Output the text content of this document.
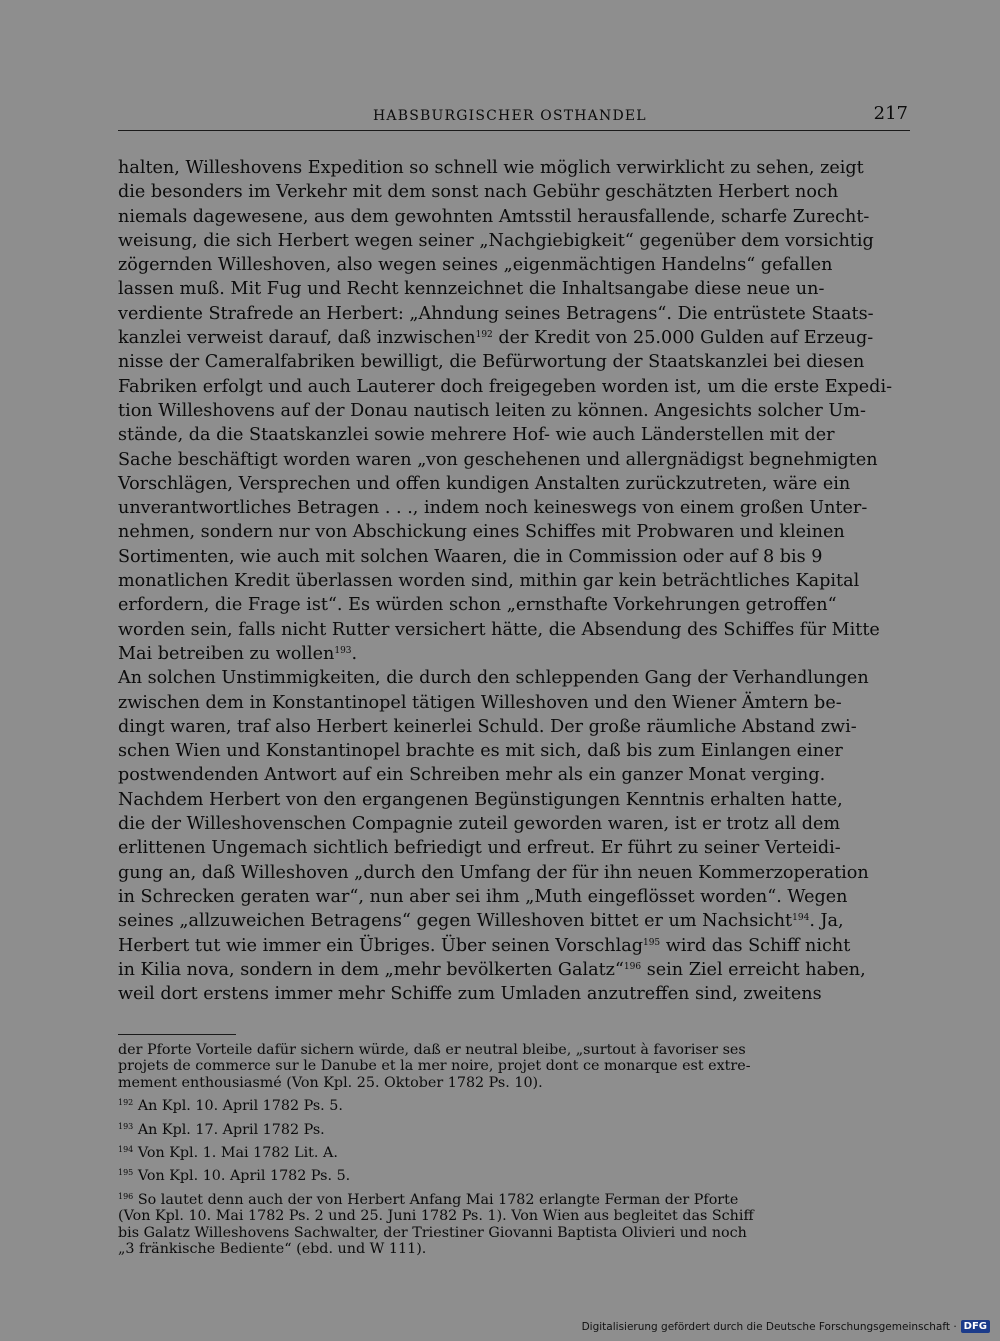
HABSBURGISCHER OSTHANDEL	217
halten, Willeshovens Expedition so schnell wie möglich verwirklicht zu sehen, zeigt
die besonders im Verkehr mit dem sonst nach Gebühr geschätzten Herbert noch
niemals dagewesene, aus dem gewohnten Amtsstil herausfallende, scharfe Zurecht-
weisung, die sich Herbert wegen seiner „Nachgiebigkeit“ gegenüber dem vorsichtig
zögernden Willeshoven, also wegen seines „eigenmächtigen Handelns“ gefallen
lassen muß. Mit Fug und Recht kennzeichnet die Inhaltsangabe diese neue un-
verdiente Strafrede an Herbert: „Ahndung seines Betragens“. Die entrüstete Staats-
kanzlei verweist darauf, daß inzwischen$^{192}$ der Kredit von 25.000 Gulden auf Erzeug-
nisse der Cameralfabriken bewilligt, die Befürwortung der Staatskanzlei bei diesen
Fabriken erfolgt und auch Lauterer doch freigegeben worden ist, um die erste Expedi-
tion Willeshovens auf der Donau nautisch leiten zu können. Angesichts solcher Um-
stände, da die Staatskanzlei sowie mehrere Hof- wie auch Länderstellen mit der
Sache beschäftigt worden waren „von geschehenen und allergnädigst begnehmigten
Vorschlägen, Versprechen und offen kundigen Anstalten zurückzutreten, wäre ein
unverantwortliches Betragen . . ., indem noch keineswegs von einem großen Unter-
nehmen, sondern nur von Abschickung eines Schiffes mit Probwaren und kleinen
Sortimenten, wie auch mit solchen Waaren, die in Commission oder auf 8 bis 9
monatlichen Kredit überlassen worden sind, mithin gar kein beträchtliches Kapital
erfordern, die Frage ist“. Es würden schon „ernsthafte Vorkehrungen getroffen“
worden sein, falls nicht Rutter versichert hätte, die Absendung des Schiffes für Mitte
Mai betreiben zu wollen$^{193}$.
An solchen Unstimmigkeiten, die durch den schleppenden Gang der Verhandlungen
zwischen dem in Konstantinopel tätigen Willeshoven und den Wiener Ämtern be-
dingt waren, traf also Herbert keinerlei Schuld. Der große räumliche Abstand zwi-
schen Wien und Konstantinopel brachte es mit sich, daß bis zum Einlangen einer
postwendenden Antwort auf ein Schreiben mehr als ein ganzer Monat verging.
Nachdem Herbert von den ergangenen Begünstigungen Kenntnis erhalten hatte,
die der Willeshovenschen Compagnie zuteil geworden waren, ist er trotz all dem
erlittenen Ungemach sichtlich befriedigt und erfreut. Er führt zu seiner Verteidi-
gung an, daß Willeshoven „durch den Umfang der für ihn neuen Kommerzoperation
in Schrecken geraten war“, nun aber sei ihm „Muth eingeflösset worden“. Wegen
seines „allzuweichen Betragens“ gegen Willeshoven bittet er um Nachsicht$^{194}$. Ja,
Herbert tut wie immer ein Übriges. Über seinen Vorschlag$^{195}$ wird das Schiff nicht
in Kilia nova, sondern in dem „mehr bevölkerten Galatz“$^{196}$ sein Ziel erreicht haben,
weil dort erstens immer mehr Schiffe zum Umladen anzutreffen sind, zweitens
der Pforte Vorteile dafür sichern würde, daß er neutral bleibe, „surtout à favoriser ses
projets de commerce sur le Danube et la mer noire, projet dont ce monarque est extre-
mement enthousiasmé (Von Kpl. 25. Oktober 1782 Ps. 10).
$^{192}$ An Kpl. 10. April 1782 Ps. 5.
$^{193}$ An Kpl. 17. April 1782 Ps.
$^{194}$ Von Kpl. 1. Mai 1782 Lit. A.
$^{195}$ Von Kpl. 10. April 1782 Ps. 5.
$^{196}$ So lautet denn auch der von Herbert Anfang Mai 1782 erlangte Ferman der Pforte
(Von Kpl. 10. Mai 1782 Ps. 2 und 25. Juni 1782 Ps. 1). Von Wien aus begleitet das Schiff
bis Galatz Willeshovens Sachwalter, der Triestiner Giovanni Baptista Olivieri und noch
„3 fränkische Bediente“ (ebd. und W 111).
Digitalisierung gefördert durch die Deutsche Forschungsgemeinschaft · DFG
